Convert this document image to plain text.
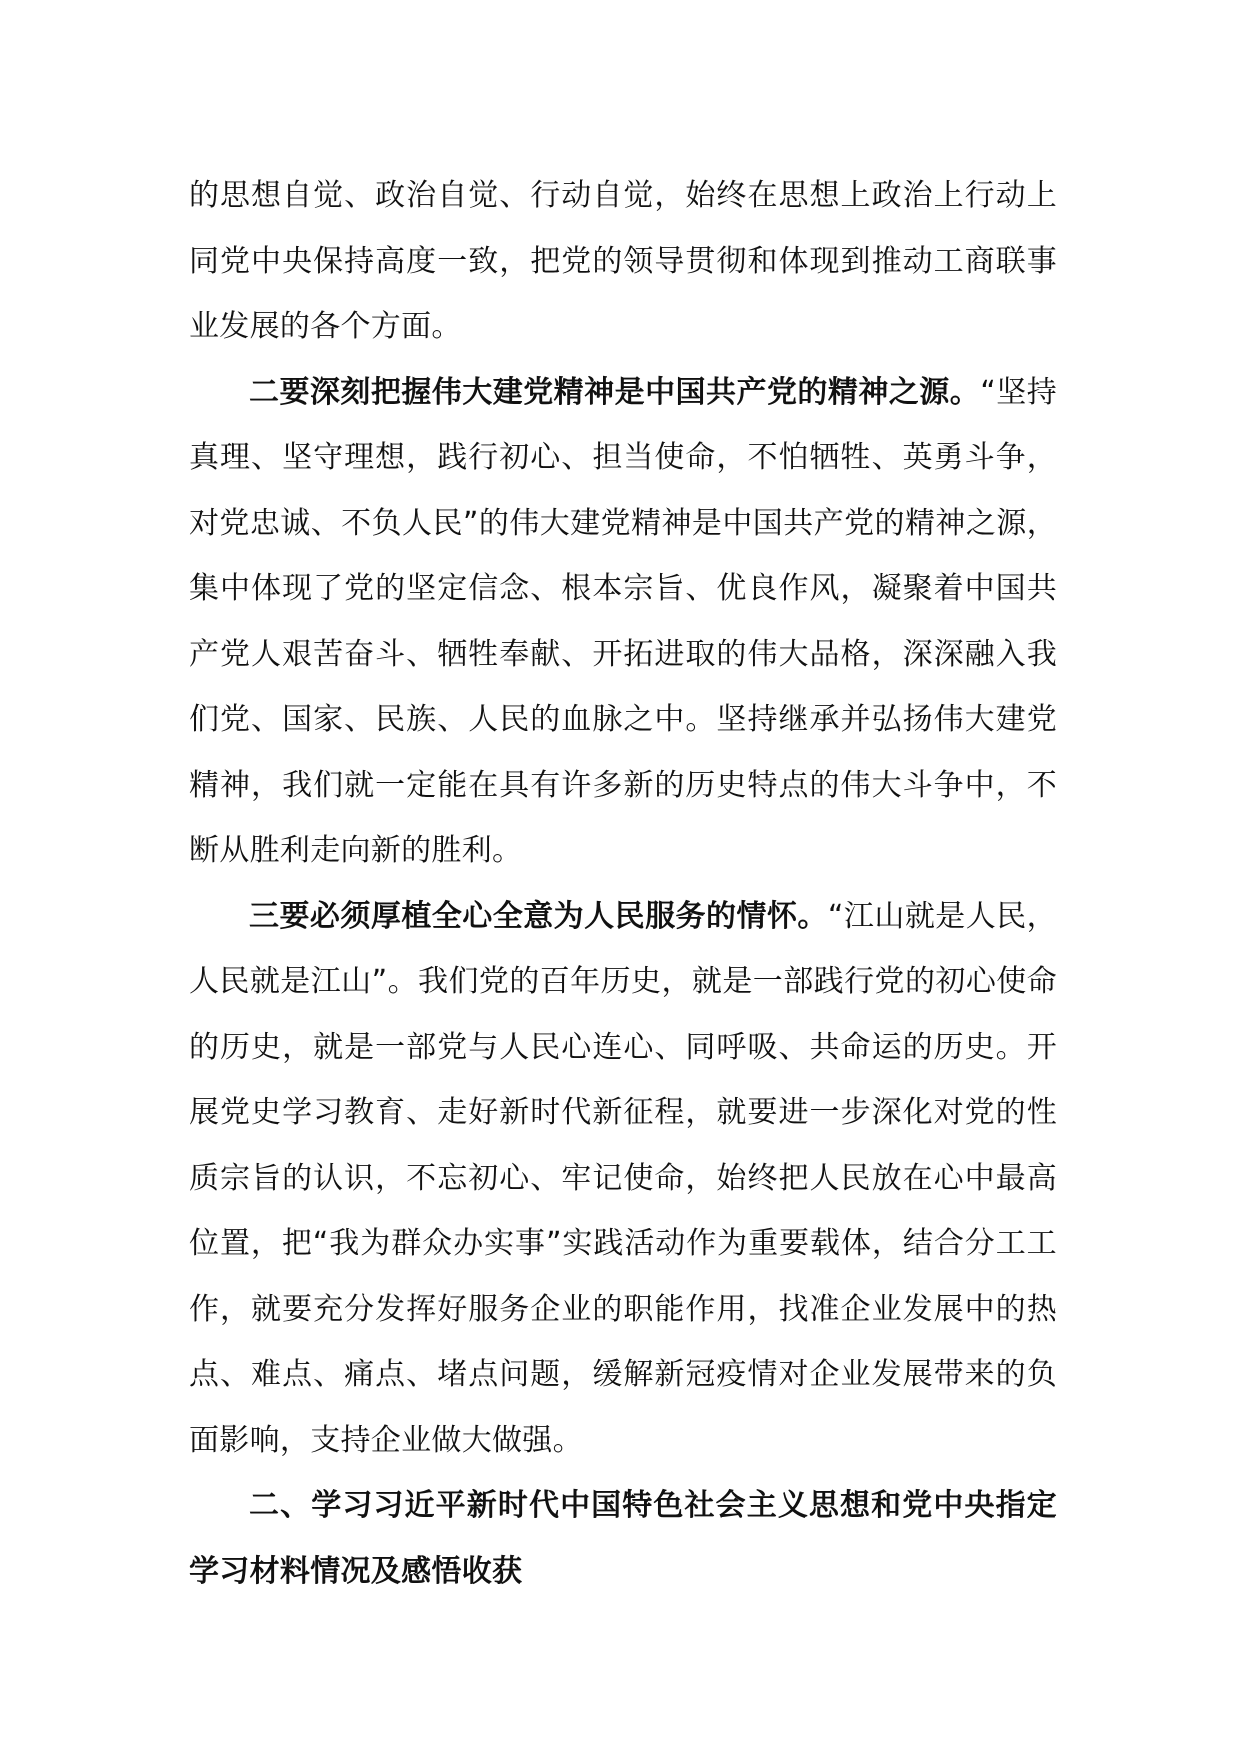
的思想自觉、政治自觉、行动自觉，始终在思想上政治上行动上同党中央保持高度一致，把党的领导贯彻和体现到推动工商联事业发展的各个方面。

二要深刻把握伟大建党精神是中国共产党的精神之源。“坚持真理、坚守理想，践行初心、担当使命，不怕牺牲、英勇斗争，对党忠诚、不负人民”的伟大建党精神是中国共产党的精神之源，集中体现了党的坚定信念、根本宗旨、优良作风，凝聚着中国共产党人艰苦奋斗、牺牲奉献、开拓进取的伟大品格，深深融入我们党、国家、民族、人民的血脉之中。坚持继承并弘扬伟大建党精神，我们就一定能在具有许多新的历史特点的伟大斗争中，不断从胜利走向新的胜利。

三要必须厚植全心全意为人民服务的情怀。“江山就是人民，人民就是江山”。我们党的百年历史，就是一部践行党的初心使命的历史，就是一部党与人民心连心、同呼吸、共命运的历史。开展党史学习教育、走好新时代新征程，就要进一步深化对党的性质宗旨的认识，不忘初心、牢记使命，始终把人民放在心中最高位置，把“我为群众办实事”实践活动作为重要载体，结合分工工作，就要充分发挥好服务企业的职能作用，找准企业发展中的热点、难点、痛点、堵点问题，缓解新冠疫情对企业发展带来的负面影响，支持企业做大做强。

二、学习习近平新时代中国特色社会主义思想和党中央指定学习材料情况及感悟收获
